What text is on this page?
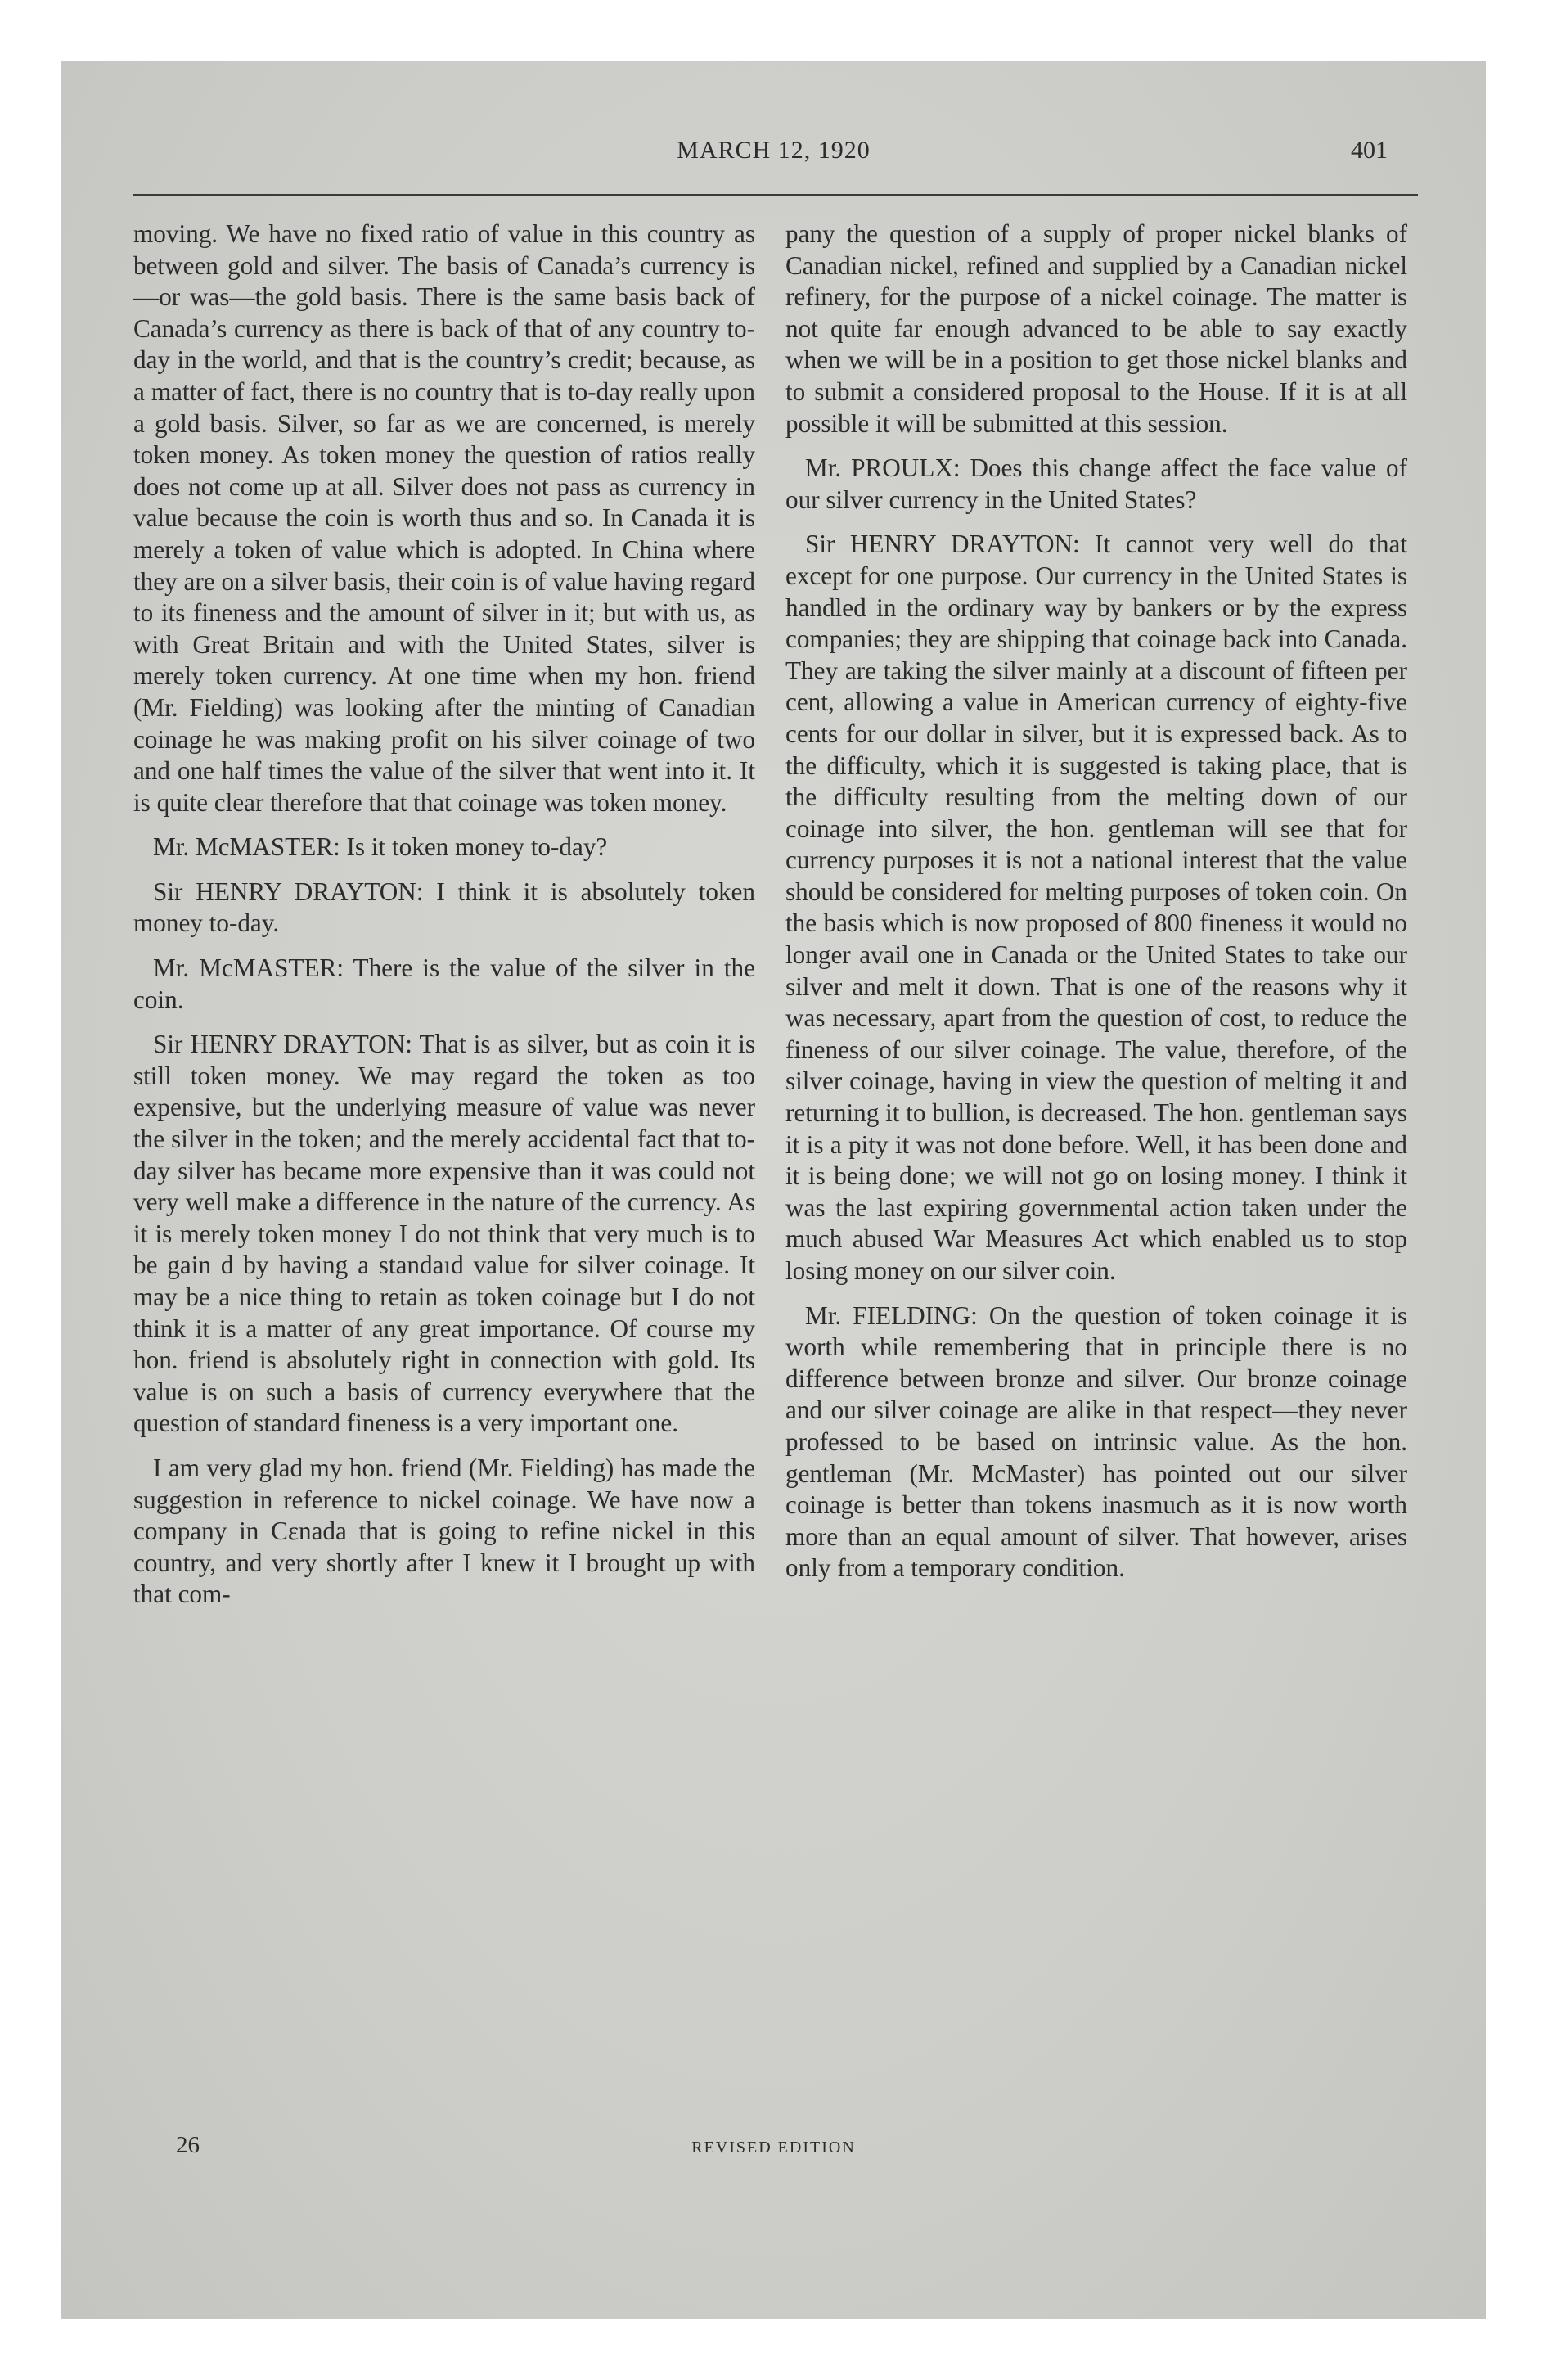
MARCH 12, 1920	401

moving. We have no fixed ratio of value in this country as between gold and silver. The basis of Canada’s currency is—or was—the gold basis. There is the same basis back of Canada’s currency as there is back of that of any country to-day in the world, and that is the country’s credit; because, as a matter of fact, there is no country that is to-day really upon a gold basis. Silver, so far as we are concerned, is merely token money. As token money the question of ratios really does not come up at all. Silver does not pass as currency in value because the coin is worth thus and so. In Canada it is merely a token of value which is adopted. In China where they are on a silver basis, their coin is of value having regard to its fineness and the amount of silver in it; but with us, as with Great Britain and with the United States, silver is merely token currency. At one time when my hon. friend (Mr. Fielding) was looking after the minting of Canadian coinage he was making profit on his silver coinage of two and one half times the value of the silver that went into it. It is quite clear therefore that that coinage was token money.

Mr. McMASTER: Is it token money to-day?

Sir HENRY DRAYTON: I think it is absolutely token money to-day.

Mr. McMASTER: There is the value of the silver in the coin.

Sir HENRY DRAYTON: That is as silver, but as coin it is still token money. We may regard the token as too expensive, but the underlying measure of value was never the silver in the token; and the merely accidental fact that to-day silver has became more expensive than it was could not very well make a difference in the nature of the currency. As it is merely token money I do not think that very much is to be gain d by having a standaıd value for silver coinage. It may be a nice thing to retain as token coinage but I do not think it is a matter of any great importance. Of course my hon. friend is absolutely right in connection with gold. Its value is on such a basis of currency everywhere that the question of standard fineness is a very important one.

I am very glad my hon. friend (Mr. Fielding) has made the suggestion in reference to nickel coinage. We have now a company in Cεnada that is going to refine nickel in this country, and very shortly after I knew it I brought up with that com-

pany the question of a supply of proper nickel blanks of Canadian nickel, refined and supplied by a Canadian nickel refinery, for the purpose of a nickel coinage. The matter is not quite far enough advanced to be able to say exactly when we will be in a position to get those nickel blanks and to submit a considered proposal to the House. If it is at all possible it will be submitted at this session.

Mr. PROULX: Does this change affect the face value of our silver currency in the United States?

Sir HENRY DRAYTON: It cannot very well do that except for one purpose. Our currency in the United States is handled in the ordinary way by bankers or by the express companies; they are shipping that coinage back into Canada. They are taking the silver mainly at a discount of fifteen per cent, allowing a value in American currency of eighty-five cents for our dollar in silver, but it is expressed back. As to the difficulty, which it is suggested is taking place, that is the difficulty resulting from the melting down of our coinage into silver, the hon. gentleman will see that for currency purposes it is not a national interest that the value should be considered for melting purposes of token coin. On the basis which is now proposed of 800 fineness it would no longer avail one in Canada or the United States to take our silver and melt it down. That is one of the reasons why it was necessary, apart from the question of cost, to reduce the fineness of our silver coinage. The value, therefore, of the silver coinage, having in view the question of melting it and returning it to bullion, is decreased. The hon. gentleman says it is a pity it was not done before. Well, it has been done and it is being done; we will not go on losing money. I think it was the last expiring governmental action taken under the much abused War Measures Act which enabled us to stop losing money on our silver coin.

Mr. FIELDING: On the question of token coinage it is worth while remembering that in principle there is no difference between bronze and silver. Our bronze coinage and our silver coinage are alike in that respect—they never professed to be based on intrinsic value. As the hon. gentleman (Mr. McMaster) has pointed out our silver coinage is better than tokens inasmuch as it is now worth more than an equal amount of silver. That however, arises only from a temporary condition.

26	REVISED EDITION
